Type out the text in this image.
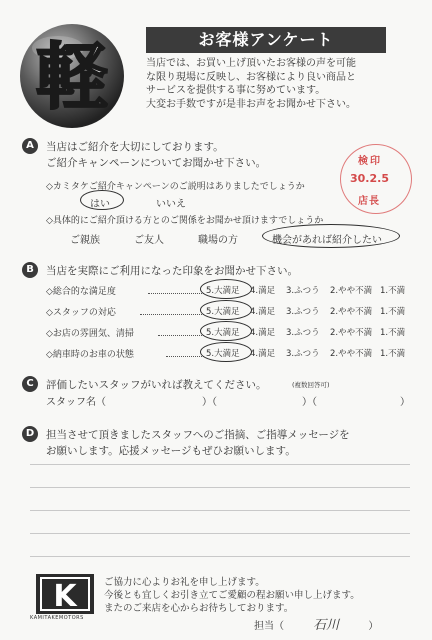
軽	お客様アンケート
当店では、お買い上げ頂いたお客様の声を可能
な限り現場に反映し、お客様により良い商品と
サービスを提供する事に努めています。
大変お手数ですが是非お声をお聞かせ下さい。
検印
30.2.5
店長
A	当店はご紹介を大切にしております。
ご紹介キャンペーンについてお聞かせ下さい。
◇カミタケご紹介キャンペーンのご説明はありましたでしょうか
はい	いいえ
◇具体的にご紹介頂ける方とのご関係をお聞かせ頂けますでしょうか
ご親族	ご友人	職場の方	機会があれば紹介したい
B	当店を実際にご利用になった印象をお聞かせ下さい。
◇総合的な満足度	5.大満足 4.満足 3.ふつう 2.やや不満 1.不満
◇スタッフの対応	5.大満足 4.満足 3.ふつう 2.やや不満 1.不満
◇お店の雰囲気、清掃	5.大満足 4.満足 3.ふつう 2.やや不満 1.不満
◇納車時のお車の状態	5.大満足 4.満足 3.ふつう 2.やや不満 1.不満
C	評価したいスタッフがいれば教えてください。	(複数回答可)
スタッフ名（	）（	）（	）
D	担当させて頂きましたスタッフへのご指摘、ご指導メッセージを
お願いします。応援メッセージもぜひお願いします。
K
KAMITAKEMOTORS
ご協力に心よりお礼を申し上げます。
今後とも宜しくお引き立てご愛顧の程お願い申し上げます。
またのご来店を心からお待ちしております。
担当（ 石川	）
